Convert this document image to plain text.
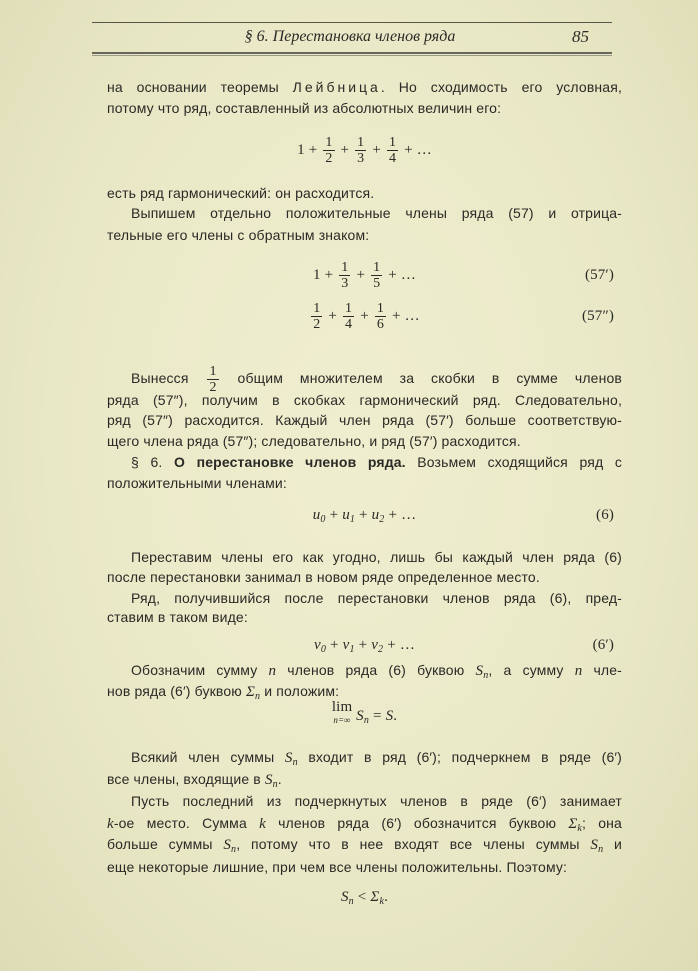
§ 6. Перестановка членов ряда	85
на основании теоремы Лейбница. Но сходимость его условная,
потому что ряд, составленный из абсолютных величин его:
$1 + \frac{1}{2} + \frac{1}{3} + \frac{1}{4}$ + …
есть ряд гармонический: он расходится.
Выпишем отдельно положительные члены ряда (57) и отрица-
тельные его члены с обратным знаком:
$1 + \frac{1}{3} + \frac{1}{5}$ + …	(57′)
$\frac{1}{2} + \frac{1}{4} + \frac{1}{6}$ + …	(57″)
Вынесся $\frac{1}{2}$ общим множителем за скобки в сумме членов
ряда (57″), получим в скобках гармонический ряд. Следовательно,
ряд (57″) расходится. Каждый член ряда (57′) больше соответствую-
щего члена ряда (57″); следовательно, и ряд (57′) расходится.
§ 6. О перестановке членов ряда. Возьмем сходящийся ряд с
положительными членами:
$u_0 + u_1 + u_2$ + …	(6)
Переставим члены его как угодно, лишь бы каждый член ряда (6)
после перестановки занимал в новом ряде определенное место.
Ряд, получившийся после перестановки членов ряда (6), пред-
ставим в таком виде:
$v_0 + v_1 + v_2$ + …	(6′)
Обозначим сумму n членов ряда (6) буквою $S_n$, а сумму n чле-
нов ряда (6′) буквою $\Sigma_n$ и положим:
lim
n=∞ $S_n = S$.
Всякий член суммы $S_n$ входит в ряд (6′); подчеркнем в ряде (6′)
все члены, входящие в $S_n$.
Пусть последний из подчеркнутых членов в ряде (6′) занимает
k-ое место. Сумма k членов ряда (6′) обозначится буквою $\Sigma_k$; она
больше суммы $S_n$, потому что в нее входят все члены суммы $S_n$ и
еще некоторые лишние, при чем все члены положительны. Поэтому:
$S_n < \Sigma_k$.
